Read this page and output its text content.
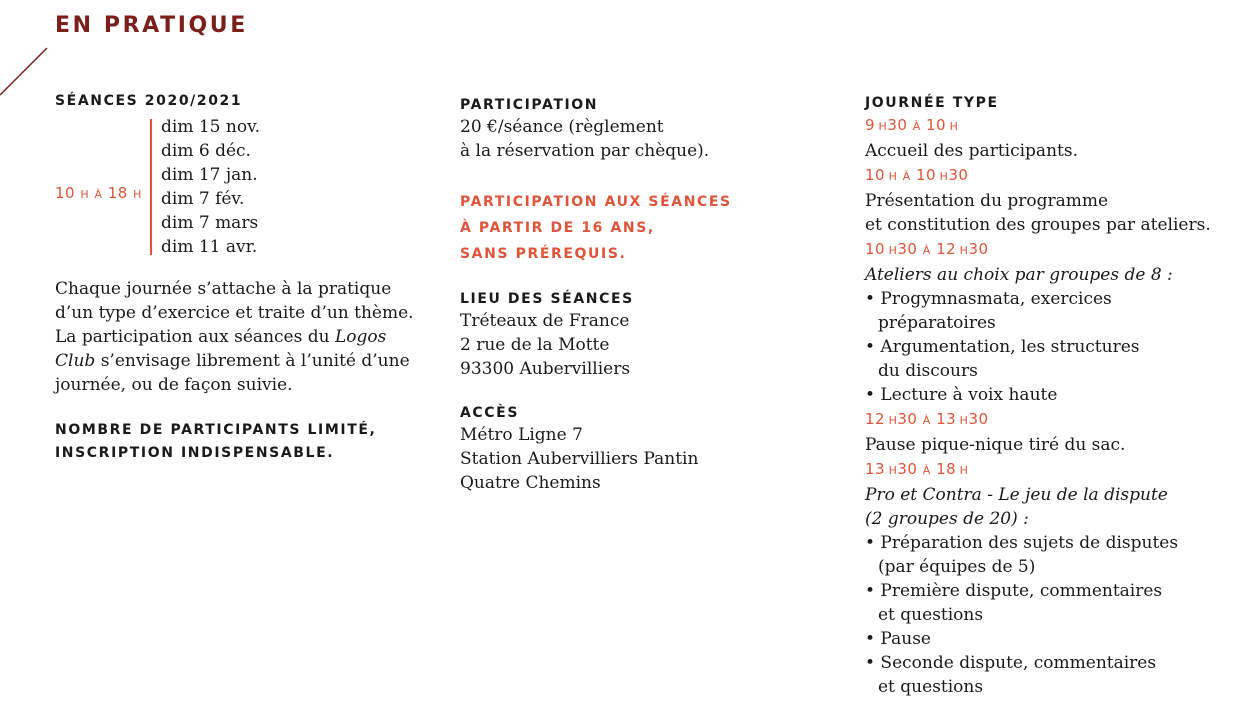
EN PRATIQUE
SÉANCES 2020/2021
10 H À 18 H
dim 15 nov.
dim 6 déc.
dim 17 jan.
dim 7 fév.
dim 7 mars
dim 11 avr.
Chaque journée s’attache à la pratique
d’un type d’exercice et traite d’un thème.
La participation aux séances du Logos
Club s’envisage librement à l’unité d’une
journée, ou de façon suivie.
NOMBRE DE PARTICIPANTS LIMITÉ,
INSCRIPTION INDISPENSABLE.
PARTICIPATION
20 €/séance (règlement
à la réservation par chèque).
PARTICIPATION AUX SÉANCES
À PARTIR DE 16 ANS,
SANS PRÉREQUIS.
LIEU DES SÉANCES
Tréteaux de France
2 rue de la Motte
93300 Aubervilliers
ACCÈS
Métro Ligne 7
Station Aubervilliers Pantin
Quatre Chemins
JOURNÉE TYPE
9  H30 À 10  H
Accueil des participants.
10  H À 10  H30
Présentation du programme
et constitution des groupes par ateliers.
10  H30 À 12  H30
Ateliers au choix par groupes de 8 :
• Progymnasmata, exercices
préparatoires
• Argumentation, les structures
du discours
• Lecture à voix haute
12  H30 À 13  H30
Pause pique-nique tiré du sac.
13  H30 À 18  H
Pro et Contra - Le jeu de la dispute
(2 groupes de 20) :
• Préparation des sujets de disputes
(par équipes de 5)
• Première dispute, commentaires
et questions
• Pause
• Seconde dispute, commentaires
et questions
